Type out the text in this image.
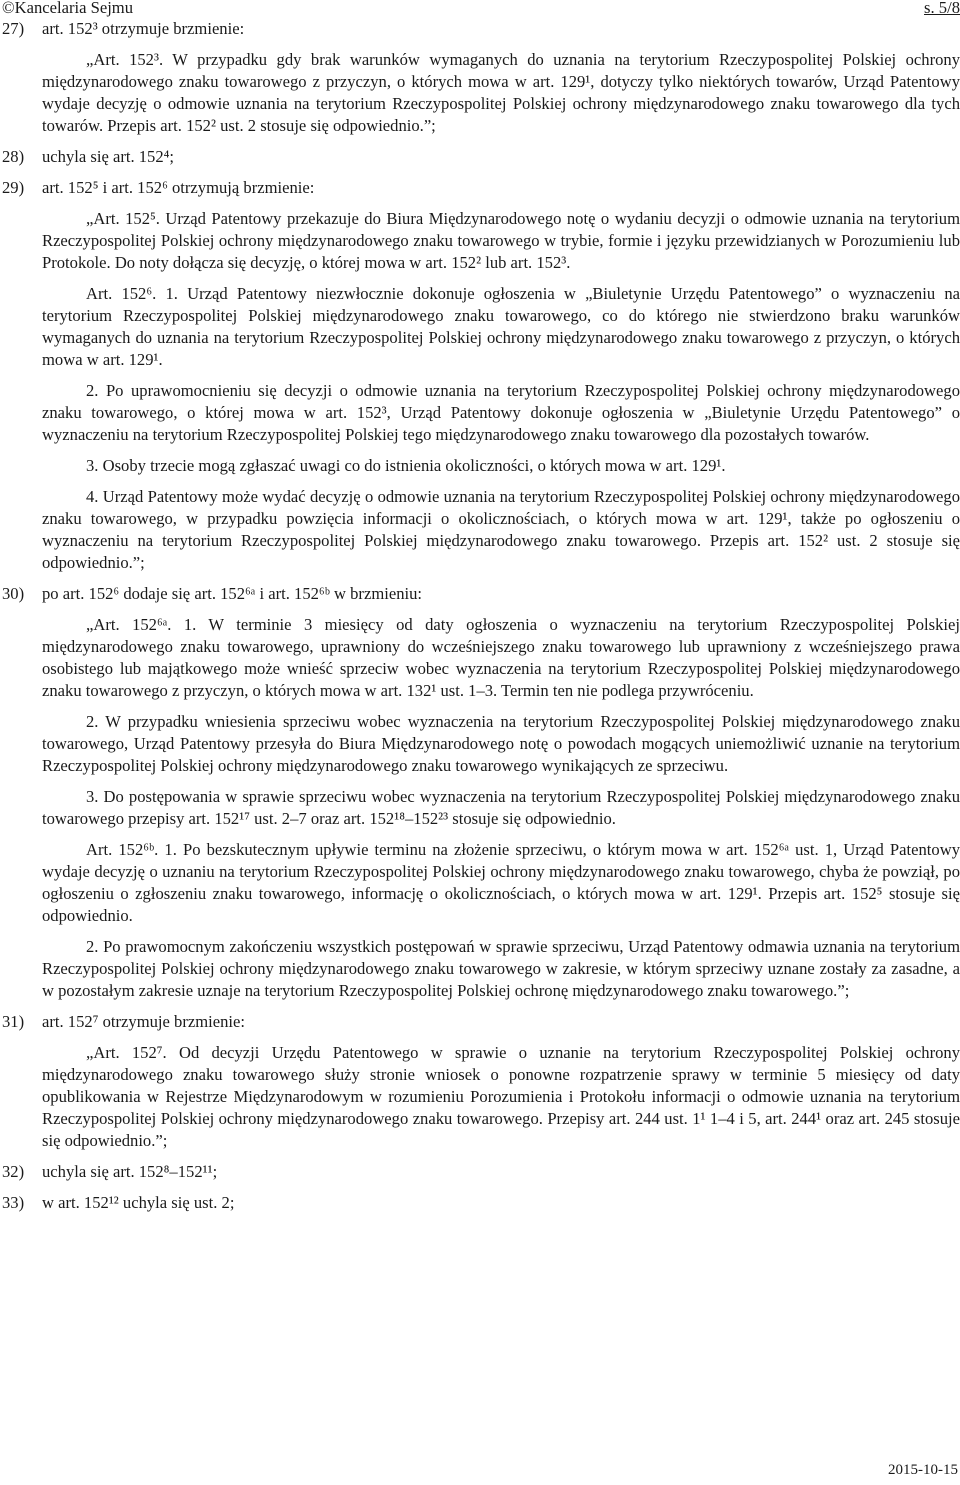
©Kancelaria Sejmu	s. 5/8
27) art. 152³ otrzymuje brzmienie:

„Art. 152³. W przypadku gdy brak warunków wymaganych do uznania na terytorium Rzeczypospolitej Polskiej ochrony międzynarodowego znaku towarowego z przyczyn, o których mowa w art. 129¹, dotyczy tylko niektórych towarów, Urząd Patentowy wydaje decyzję o odmowie uznania na terytorium Rzeczypospolitej Polskiej ochrony międzynarodowego znaku towarowego dla tych towarów. Przepis art. 152² ust. 2 stosuje się odpowiednio.”;

28) uchyla się art. 152⁴;
29) art. 152⁵ i art. 152⁶ otrzymują brzmienie:

„Art. 152⁵. Urząd Patentowy przekazuje do Biura Międzynarodowego notę o wydaniu decyzji o odmowie uznania na terytorium Rzeczypospolitej Polskiej ochrony międzynarodowego znaku towarowego w trybie, formie i języku przewidzianych w Porozumieniu lub Protokole. Do noty dołącza się decyzję, o której mowa w art. 152² lub art. 152³.

Art. 152⁶. 1. Urząd Patentowy niezwłocznie dokonuje ogłoszenia w „Biuletynie Urzędu Patentowego” o wyznaczeniu na terytorium Rzeczypospolitej Polskiej międzynarodowego znaku towarowego, co do którego nie stwierdzono braku warunków wymaganych do uznania na terytorium Rzeczypospolitej Polskiej ochrony międzynarodowego znaku towarowego z przyczyn, o których mowa w art. 129¹.

2. Po uprawomocnieniu się decyzji o odmowie uznania na terytorium Rzeczypospolitej Polskiej ochrony międzynarodowego znaku towarowego, o której mowa w art. 152³, Urząd Patentowy dokonuje ogłoszenia w „Biuletynie Urzędu Patentowego” o wyznaczeniu na terytorium Rzeczypospolitej Polskiej tego międzynarodowego znaku towarowego dla pozostałych towarów.

3. Osoby trzecie mogą zgłaszać uwagi co do istnienia okoliczności, o których mowa w art. 129¹.

4. Urząd Patentowy może wydać decyzję o odmowie uznania na terytorium Rzeczypospolitej Polskiej ochrony międzynarodowego znaku towarowego, w przypadku powzięcia informacji o okolicznościach, o których mowa w art. 129¹, także po ogłoszeniu o wyznaczeniu na terytorium Rzeczypospolitej Polskiej międzynarodowego znaku towarowego. Przepis art. 152² ust. 2 stosuje się odpowiednio.”;

30) po art. 152⁶ dodaje się art. 152⁶ᵃ i art. 152⁶ᵇ w brzmieniu:

„Art. 152⁶ᵃ. 1. W terminie 3 miesięcy od daty ogłoszenia o wyznaczeniu na terytorium Rzeczypospolitej Polskiej międzynarodowego znaku towarowego, uprawniony do wcześniejszego znaku towarowego lub uprawniony z wcześniejszego prawa osobistego lub majątkowego może wnieść sprzeciw wobec wyznaczenia na terytorium Rzeczypospolitej Polskiej międzynarodowego znaku towarowego z przyczyn, o których mowa w art. 132¹ ust. 1–3. Termin ten nie podlega przywróceniu.

2. W przypadku wniesienia sprzeciwu wobec wyznaczenia na terytorium Rzeczypospolitej Polskiej międzynarodowego znaku towarowego, Urząd Patentowy przesyła do Biura Międzynarodowego notę o powodach mogących uniemożliwić uznanie na terytorium Rzeczypospolitej Polskiej ochrony międzynarodowego znaku towarowego wynikających ze sprzeciwu.

3. Do postępowania w sprawie sprzeciwu wobec wyznaczenia na terytorium Rzeczypospolitej Polskiej międzynarodowego znaku towarowego przepisy art. 152¹⁷ ust. 2–7 oraz art. 152¹⁸–152²³ stosuje się odpowiednio.

Art. 152⁶ᵇ. 1. Po bezskutecznym upływie terminu na złożenie sprzeciwu, o którym mowa w art. 152⁶ᵃ ust. 1, Urząd Patentowy wydaje decyzję o uznaniu na terytorium Rzeczypospolitej Polskiej ochrony międzynarodowego znaku towarowego, chyba że powziął, po ogłoszeniu o zgłoszeniu znaku towarowego, informację o okolicznościach, o których mowa w art. 129¹. Przepis art. 152⁵ stosuje się odpowiednio.

2. Po prawomocnym zakończeniu wszystkich postępowań w sprawie sprzeciwu, Urząd Patentowy odmawia uznania na terytorium Rzeczypospolitej Polskiej ochrony międzynarodowego znaku towarowego w zakresie, w którym sprzeciwy uznane zostały za zasadne, a w pozostałym zakresie uznaje na terytorium Rzeczypospolitej Polskiej ochronę międzynarodowego znaku towarowego.”;

31) art. 152⁷ otrzymuje brzmienie:

„Art. 152⁷. Od decyzji Urzędu Patentowego w sprawie o uznanie na terytorium Rzeczypospolitej Polskiej ochrony międzynarodowego znaku towarowego służy stronie wniosek o ponowne rozpatrzenie sprawy w terminie 5 miesięcy od daty opublikowania w Rejestrze Międzynarodowym w rozumieniu Porozumienia i Protokołu informacji o odmowie uznania na terytorium Rzeczypospolitej Polskiej ochrony międzynarodowego znaku towarowego. Przepisy art. 244 ust. 1¹ 1–4 i 5, art. 244¹ oraz art. 245 stosuje się odpowiednio.”;

32) uchyla się art. 152⁸–152¹¹;
33) w art. 152¹² uchyla się ust. 2;
2015-10-15
